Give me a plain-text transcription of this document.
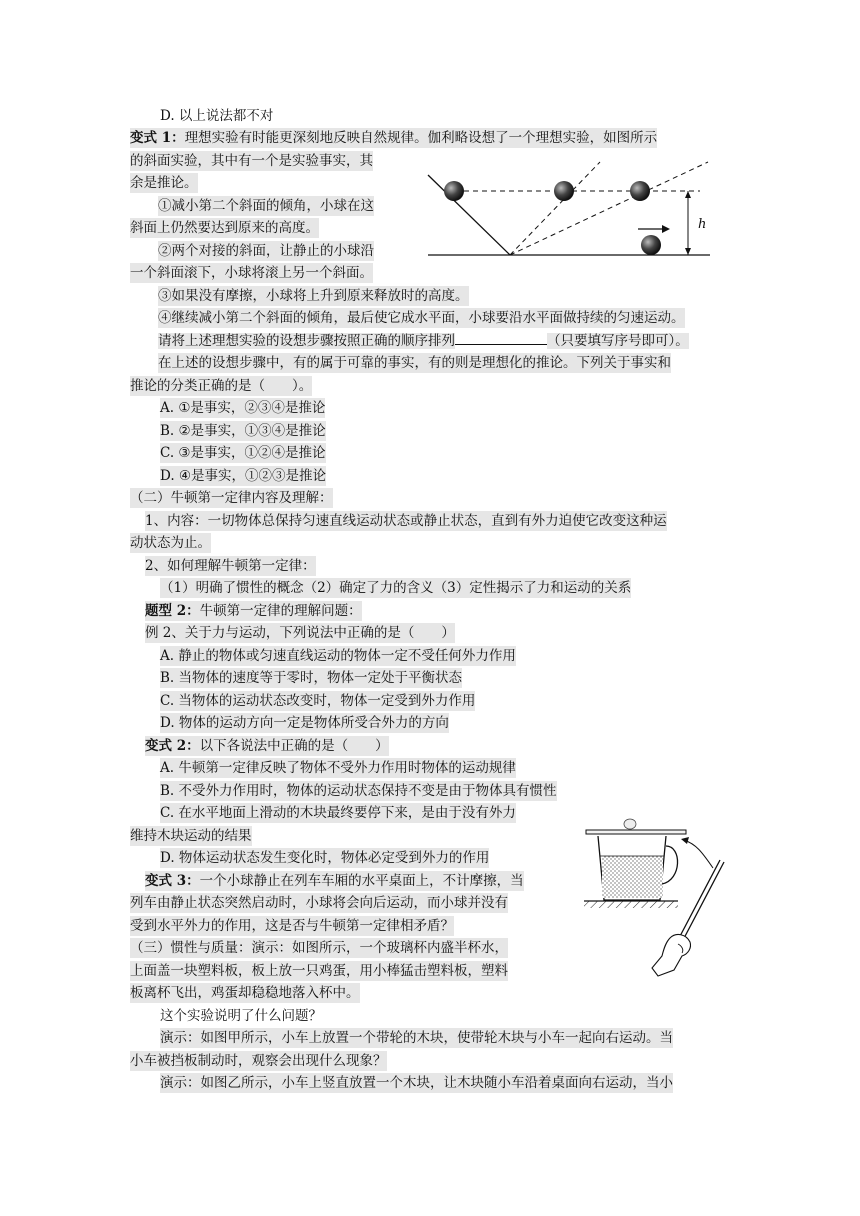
D. 以上说法都不对
变式 1：理想实验有时能更深刻地反映自然规律。伽利略设想了一个理想实验，如图所示
的斜面实验，其中有一个是实验事实，其
余是推论。
①减小第二个斜面的倾角，小球在这
斜面上仍然要达到原来的高度。
②两个对接的斜面，让静止的小球沿
一个斜面滚下，小球将滚上另一个斜面。
③如果没有摩擦，小球将上升到原来释放时的高度。
④继续减小第二个斜面的倾角，最后使它成水平面，小球要沿水平面做持续的匀速运动。
请将上述理想实验的设想步骤按照正确的顺序排列	（只要填写序号即可）。
在上述的设想步骤中，有的属于可靠的事实，有的则是理想化的推论。下列关于事实和
推论的分类正确的是（　　）。
A. ①是事实，②③④是推论
B. ②是事实，①③④是推论
C. ③是事实，①②④是推论
D. ④是事实，①②③是推论
（二）牛顿第一定律内容及理解：
1、内容：一切物体总保持匀速直线运动状态或静止状态，直到有外力迫使它改变这种运
动状态为止。
2、如何理解牛顿第一定律：
（1）明确了惯性的概念（2）确定了力的含义（3）定性揭示了力和运动的关系
题型 2：牛顿第一定律的理解问题：
例 2、关于力与运动，下列说法中正确的是（　　）
A. 静止的物体或匀速直线运动的物体一定不受任何外力作用
B. 当物体的速度等于零时，物体一定处于平衡状态
C. 当物体的运动状态改变时，物体一定受到外力作用
D. 物体的运动方向一定是物体所受合外力的方向
变式 2：以下各说法中正确的是（　　）
A. 牛顿第一定律反映了物体不受外力作用时物体的运动规律
B. 不受外力作用时，物体的运动状态保持不变是由于物体具有惯性
C. 在水平地面上滑动的木块最终要停下来，是由于没有外力
维持木块运动的结果
D. 物体运动状态发生变化时，物体必定受到外力的作用
变式 3：一个小球静止在列车车厢的水平桌面上，不计摩擦，当
列车由静止状态突然启动时，小球将会向后运动，而小球并没有
受到水平外力的作用，这是否与牛顿第一定律相矛盾？
（三）惯性与质量：演示：如图所示，一个玻璃杯内盛半杯水，
上面盖一块塑料板，板上放一只鸡蛋，用小棒猛击塑料板，塑料
板离杯飞出，鸡蛋却稳稳地落入杯中。
这个实验说明了什么问题？
演示：如图甲所示，小车上放置一个带轮的木块，使带轮木块与小车一起向右运动。当
小车被挡板制动时，观察会出现什么现象？
演示：如图乙所示，小车上竖直放置一个木块，让木块随小车沿着桌面向右运动，当小
h
